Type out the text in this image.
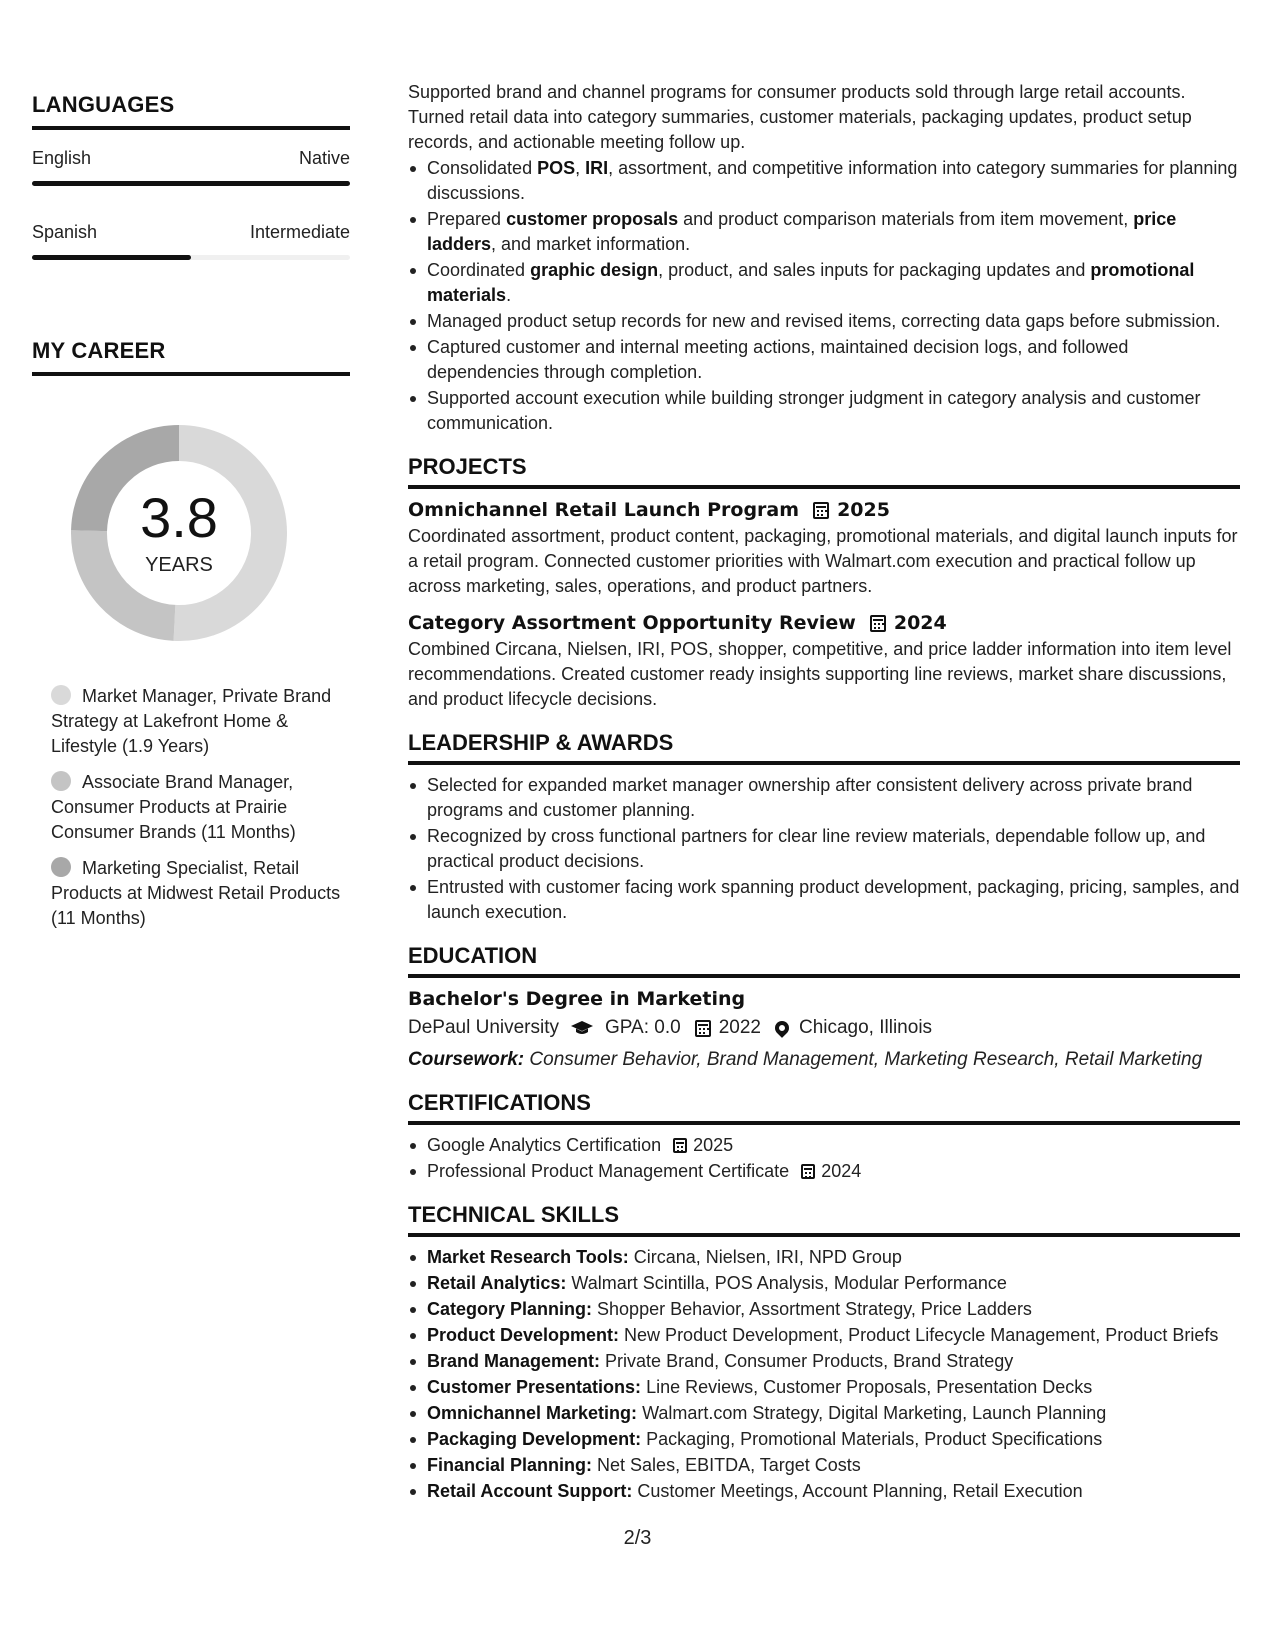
LANGUAGES
English	Native
Spanish	Intermediate
MY CAREER
3.8
YEARS
Market Manager, Private Brand Strategy at Lakefront Home & Lifestyle (1.9 Years)
Associate Brand Manager, Consumer Products at Prairie Consumer Brands (11 Months)
Marketing Specialist, Retail Products at Midwest Retail Products (11 Months)

Supported brand and channel programs for consumer products sold through large retail accounts. Turned retail data into category summaries, customer materials, packaging updates, product setup records, and actionable meeting follow up.

Consolidated POS, IRI, assortment, and competitive information into category summaries for planning discussions.
Prepared customer proposals and product comparison materials from item movement, price ladders, and market information.
Coordinated graphic design, product, and sales inputs for packaging updates and promotional materials.
Managed product setup records for new and revised items, correcting data gaps before submission.
Captured customer and internal meeting actions, maintained decision logs, and followed dependencies through completion.
Supported account execution while building stronger judgment in category analysis and customer communication.
PROJECTS
Omnichannel Retail Launch Program 2025

Coordinated assortment, product content, packaging, promotional materials, and digital launch inputs for a retail program. Connected customer priorities with Walmart.com execution and practical follow up across marketing, sales, operations, and product partners.

Category Assortment Opportunity Review 2024

Combined Circana, Nielsen, IRI, POS, shopper, competitive, and price ladder information into item level recommendations. Created customer ready insights supporting line reviews, market share discussions, and product lifecycle decisions.

LEADERSHIP & AWARDS
Selected for expanded market manager ownership after consistent delivery across private brand programs and customer planning.
Recognized by cross functional partners for clear line review materials, dependable follow up, and practical product decisions.
Entrusted with customer facing work spanning product development, packaging, pricing, samples, and launch execution.
EDUCATION
Bachelor's Degree in Marketing
DePaul University GPA: 0.0 2022 Chicago, Illinois
Coursework: Consumer Behavior, Brand Management, Marketing Research, Retail Marketing
CERTIFICATIONS
Google Analytics Certification 2025
Professional Product Management Certificate 2024
TECHNICAL SKILLS
Market Research Tools: Circana, Nielsen, IRI, NPD Group
Retail Analytics: Walmart Scintilla, POS Analysis, Modular Performance
Category Planning: Shopper Behavior, Assortment Strategy, Price Ladders
Product Development: New Product Development, Product Lifecycle Management, Product Briefs
Brand Management: Private Brand, Consumer Products, Brand Strategy
Customer Presentations: Line Reviews, Customer Proposals, Presentation Decks
Omnichannel Marketing: Walmart.com Strategy, Digital Marketing, Launch Planning
Packaging Development: Packaging, Promotional Materials, Product Specifications
Financial Planning: Net Sales, EBITDA, Target Costs
Retail Account Support: Customer Meetings, Account Planning, Retail Execution
2/3
